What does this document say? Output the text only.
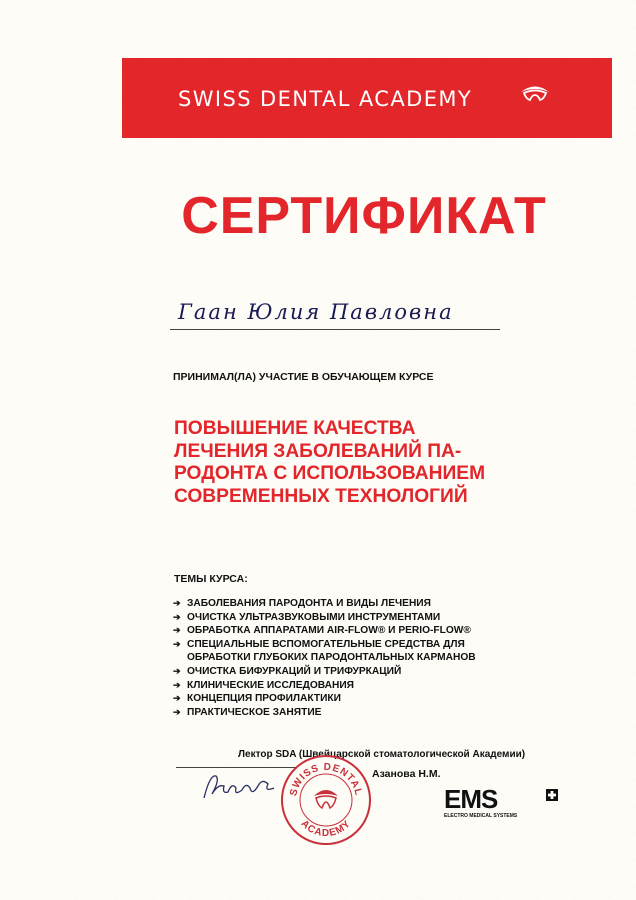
SWISS DENTAL ACADEMY
СЕРТИФИКАТ
Гаан Юлия Павловна
ПРИНИМАЛ(ЛА) УЧАСТИЕ В ОБУЧАЮЩЕМ КУРСЕ
ПОВЫШЕНИЕ КАЧЕСТВА
ЛЕЧЕНИЯ ЗАБОЛЕВАНИЙ ПА-
РОДОНТА С ИСПОЛЬЗОВАНИЕМ
СОВРЕМЕННЫХ ТЕХНОЛОГИЙ
ТЕМЫ КУРСА:
➔ ЗАБОЛЕВАНИЯ ПАРОДОНТА И ВИДЫ ЛЕЧЕНИЯ
➔ ОЧИСТКА УЛЬТРАЗВУКОВЫМИ ИНСТРУМЕНТАМИ
➔ ОБРАБОТКА АППАРАТАМИ AIR-FLOW® И PERIO-FLOW®
➔ СПЕЦИАЛЬНЫЕ ВСПОМОГАТЕЛЬНЫЕ СРЕДСТВА ДЛЯ
ОБРАБОТКИ ГЛУБОКИХ ПАРОДОНТАЛЬНЫХ КАРМАНОВ
➔ ОЧИСТКА БИФУРКАЦИЙ И ТРИФУРКАЦИЙ
➔ КЛИНИЧЕСКИЕ ИССЛЕДОВАНИЯ
➔ КОНЦЕПЦИЯ ПРОФИЛАКТИКИ
➔ ПРАКТИЧЕСКОЕ ЗАНЯТИЕ
Лектор SDA (Швейцарской стоматологической Академии)
Азанова Н.М.
SWISS DENTAL
ACADEMY
EMS
ELECTRO MEDICAL SYSTEMS
